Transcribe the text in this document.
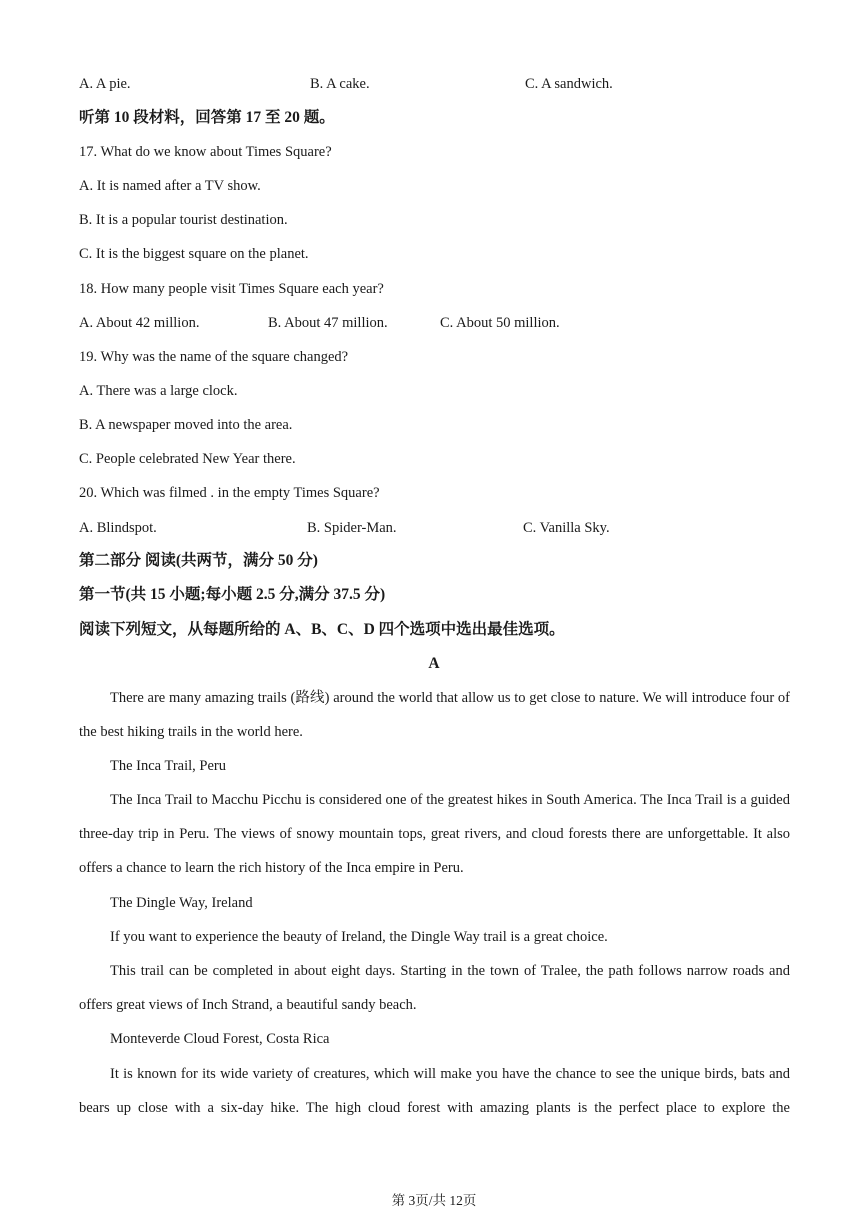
A. A pie.	B. A cake.	C. A sandwich.
听第 10 段材料，回答第 17 至 20 题。
17. What do we know about Times Square?
A. It is named after a TV show.
B. It is a popular tourist destination.
C. It is the biggest square on the planet.
18. How many people visit Times Square each year?
A. About 42 million.	B. About 47 million.	C. About 50 million.
19. Why was the name of the square changed?
A. There was a large clock.
B. A newspaper moved into the area.
C. People celebrated New Year there.
20. Which was filmed . in the empty Times Square?
A. Blindspot.	B. Spider-Man.	C. Vanilla Sky.
第二部分 阅读(共两节，满分 50 分)
第一节(共 15 小题;每小题 2.5 分,满分 37.5 分)
阅读下列短文，从每题所给的 A、B、C、D 四个选项中选出最佳选项。
A
There are many amazing trails (路线) around the world that allow us to get close to nature. We will introduce four of the best hiking trails in the world here.
The Inca Trail, Peru
The Inca Trail to Macchu Picchu is considered one of the greatest hikes in South America. The Inca Trail is a guided three-day trip in Peru. The views of snowy mountain tops, great rivers, and cloud forests there are unforgettable. It also offers a chance to learn the rich history of the Inca empire in Peru.
The Dingle Way, Ireland
If you want to experience the beauty of Ireland, the Dingle Way trail is a great choice.
This trail can be completed in about eight days. Starting in the town of Tralee, the path follows narrow roads and offers great views of Inch Strand, a beautiful sandy beach.
Monteverde Cloud Forest, Costa Rica
It is known for its wide variety of creatures, which will make you have the chance to see the unique birds, bats and bears up close with a six-day hike. The high cloud forest with amazing plants is the perfect place to explore the
第 3页/共 12页
